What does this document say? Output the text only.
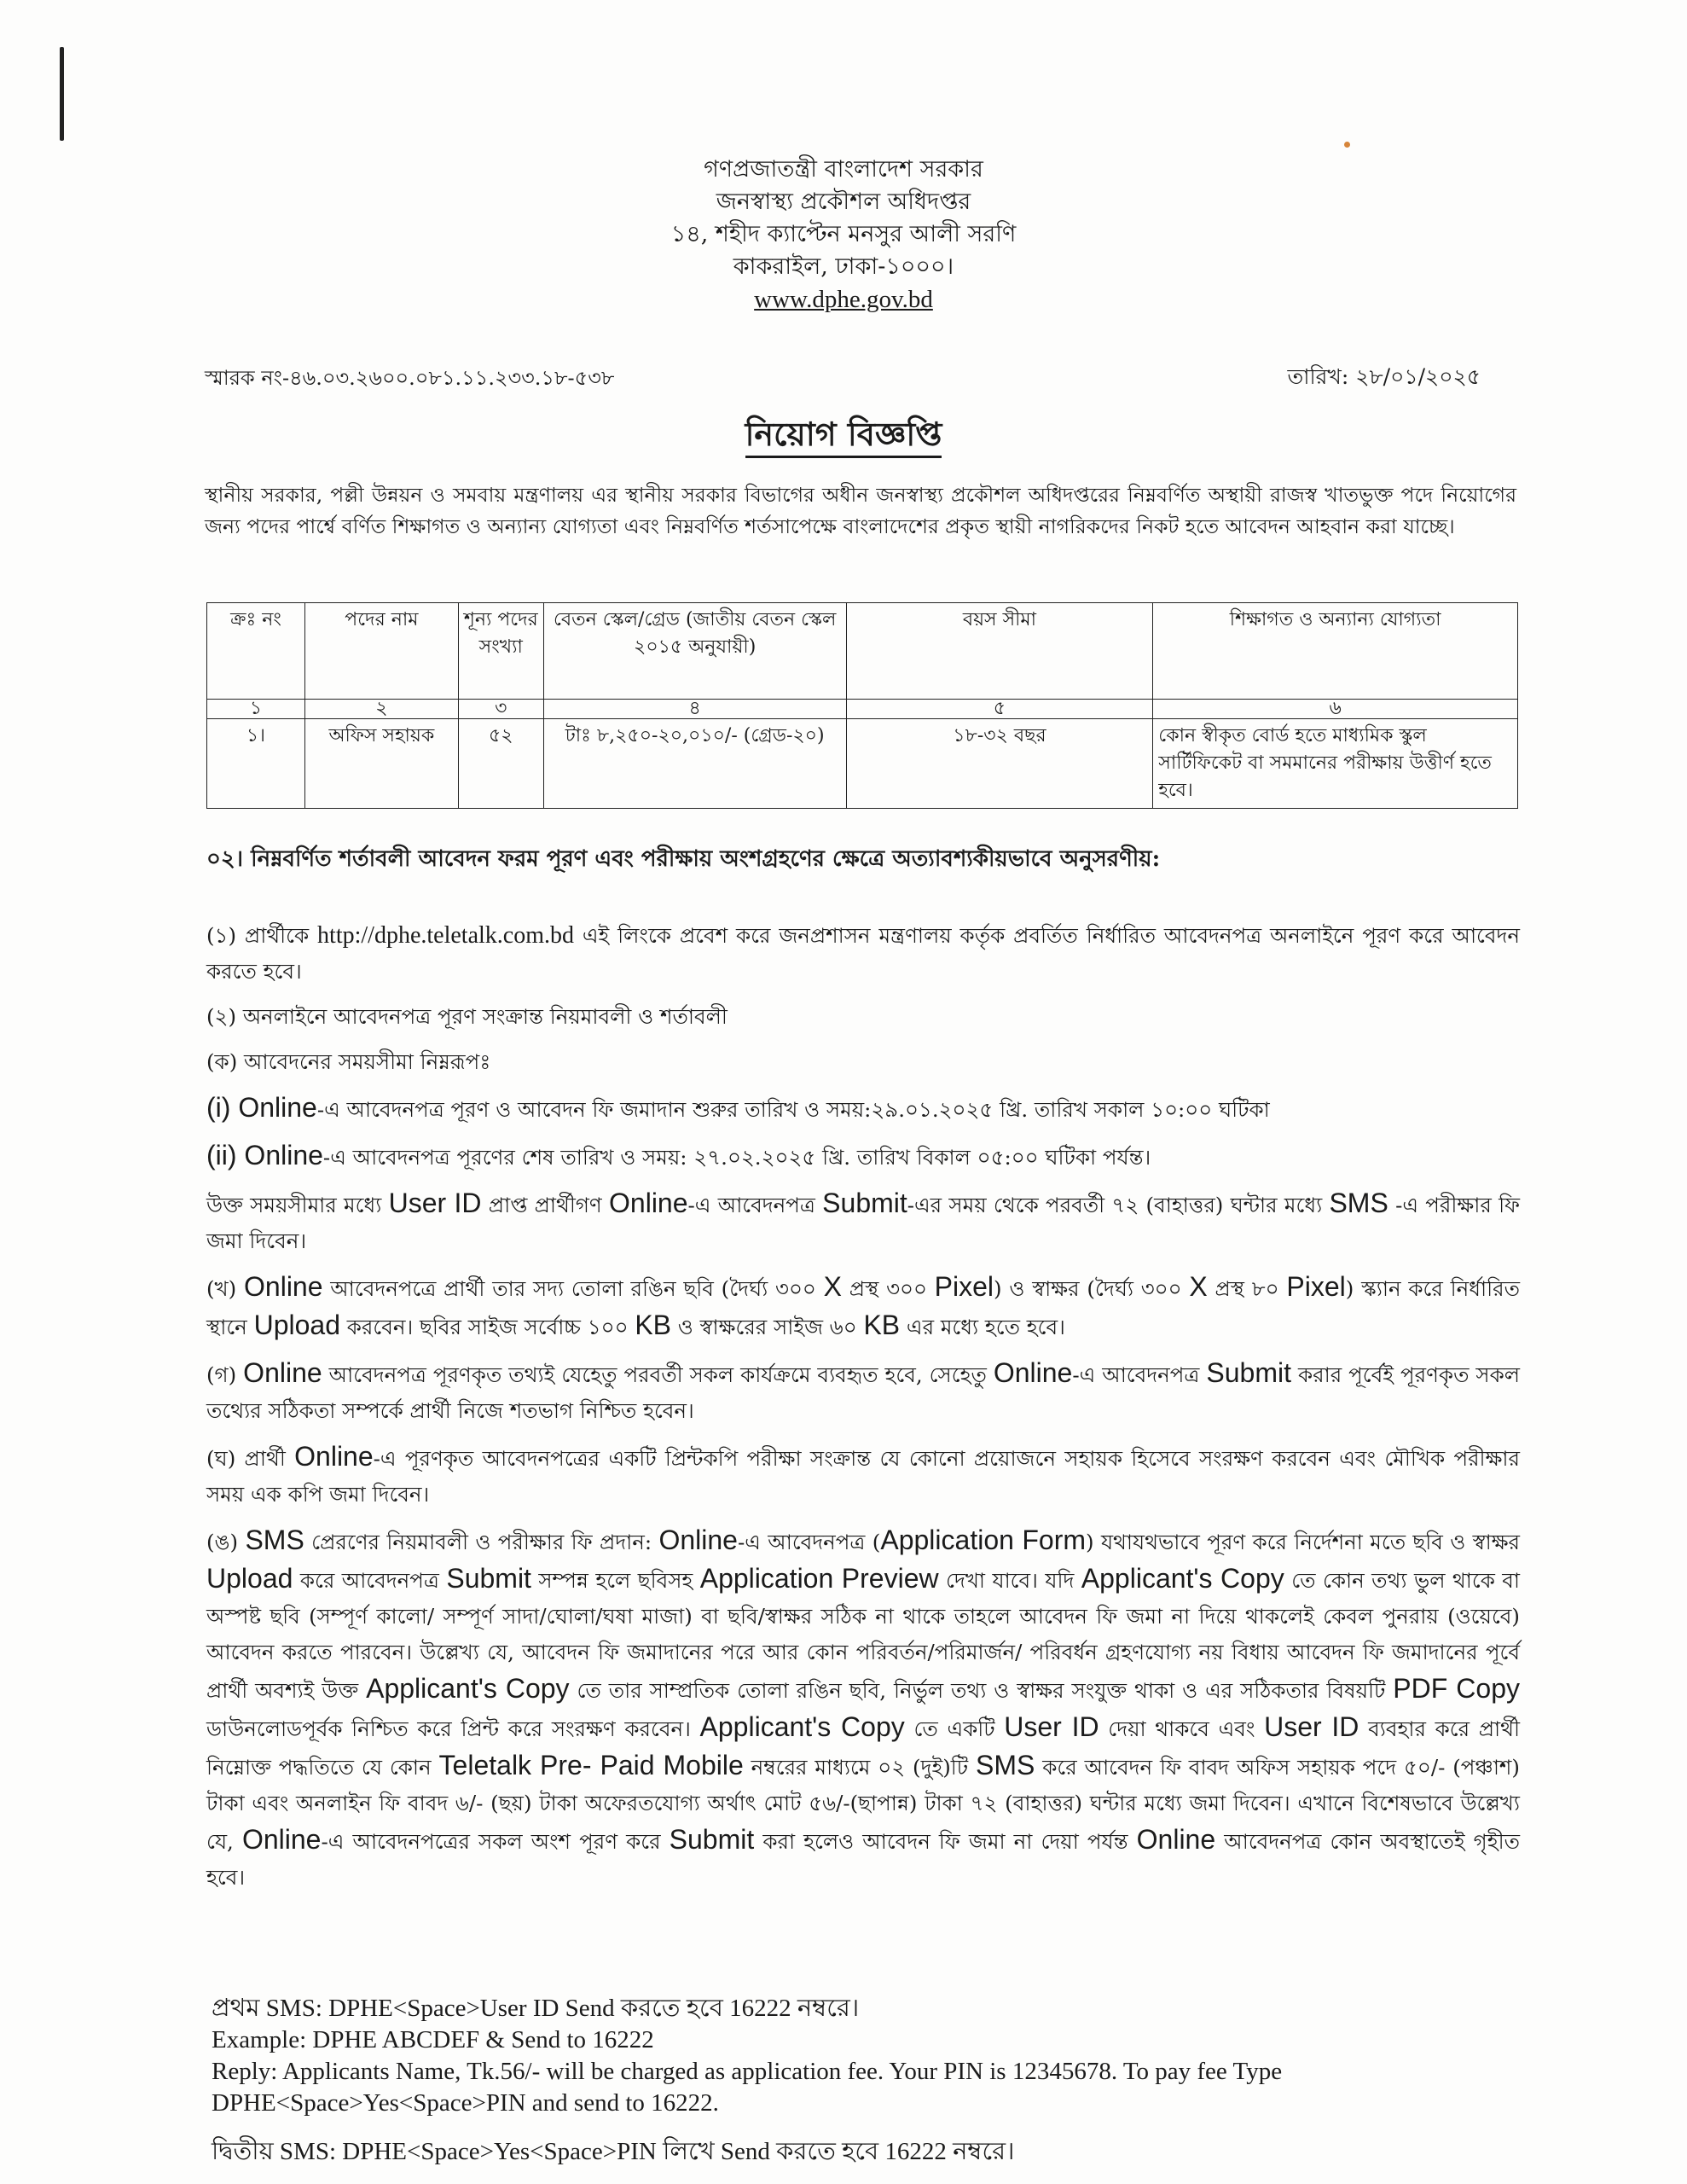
গণপ্রজাতন্ত্রী বাংলাদেশ সরকার
জনস্বাস্থ্য প্রকৌশল অধিদপ্তর
১৪, শহীদ ক্যাপ্টেন মনসুর আলী সরণি
কাকরাইল, ঢাকা-১০০০।
www.dphe.gov.bd
স্মারক নং-৪৬.০৩.২৬০০.০৮১.১১.২৩৩.১৮-৫৩৮	তারিখ: ২৮/০১/২০২৫
নিয়োগ বিজ্ঞপ্তি
স্থানীয় সরকার, পল্লী উন্নয়ন ও সমবায় মন্ত্রণালয় এর স্থানীয় সরকার বিভাগের অধীন জনস্বাস্থ্য প্রকৌশল অধিদপ্তরের নিম্নবর্ণিত অস্থায়ী রাজস্ব খাতভুক্ত পদে নিয়োগের জন্য পদের পার্শ্বে বর্ণিত শিক্ষাগত ও অন্যান্য যোগ্যতা এবং নিম্নবর্ণিত শর্তসাপেক্ষে বাংলাদেশের প্রকৃত স্থায়ী নাগরিকদের নিকট হতে আবেদন আহবান করা যাচ্ছে।
ক্রঃ নং	পদের নাম	শূন্য পদের সংখ্যা	বেতন স্কেল/গ্রেড (জাতীয় বেতন স্কেল ২০১৫ অনুযায়ী)	বয়স সীমা	শিক্ষাগত ও অন্যান্য যোগ্যতা
১	২	৩	৪	৫	৬
১।	অফিস সহায়ক	৫২	টাঃ ৮,২৫০-২০,০১০/- (গ্রেড-২০)	১৮-৩২ বছর	কোন স্বীকৃত বোর্ড হতে মাধ্যমিক স্কুল সার্টিফিকেট বা সমমানের পরীক্ষায় উত্তীর্ণ হতে হবে।
০২। নিম্নবর্ণিত শর্তাবলী আবেদন ফরম পূরণ এবং পরীক্ষায় অংশগ্রহণের ক্ষেত্রে অত্যাবশ্যকীয়ভাবে অনুসরণীয়:

(১) প্রার্থীকে http://dphe.teletalk.com.bd এই লিংকে প্রবেশ করে জনপ্রশাসন মন্ত্রণালয় কর্তৃক প্রবর্তিত নির্ধারিত আবেদনপত্র অনলাইনে পূরণ করে আবেদন করতে হবে।

(২) অনলাইনে আবেদনপত্র পূরণ সংক্রান্ত নিয়মাবলী ও শর্তাবলী

(ক) আবেদনের সময়সীমা নিম্নরূপঃ

(i) Online-এ আবেদনপত্র পূরণ ও আবেদন ফি জমাদান শুরুর তারিখ ও সময়:২৯.০১.২০২৫ খ্রি. তারিখ সকাল ১০:০০ ঘটিকা

(ii) Online-এ আবেদনপত্র পূরণের শেষ তারিখ ও সময়: ২৭.০২.২০২৫ খ্রি. তারিখ বিকাল ০৫:০০ ঘটিকা পর্যন্ত।

উক্ত সময়সীমার মধ্যে User ID প্রাপ্ত প্রার্থীগণ Online-এ আবেদনপত্র Submit-এর সময় থেকে পরবর্তী ৭২ (বাহাত্তর) ঘন্টার মধ্যে SMS -এ পরীক্ষার ফি জমা দিবেন।

(খ) Online আবেদনপত্রে প্রার্থী তার সদ্য তোলা রঙিন ছবি (দৈর্ঘ্য ৩০০ X প্রস্থ ৩০০ Pixel) ও স্বাক্ষর (দৈর্ঘ্য ৩০০ X প্রস্থ ৮০ Pixel) স্ক্যান করে নির্ধারিত স্থানে Upload করবেন। ছবির সাইজ সর্বোচ্চ ১০০ KB ও স্বাক্ষরের সাইজ ৬০ KB এর মধ্যে হতে হবে।

(গ) Online আবেদনপত্র পূরণকৃত তথ্যই যেহেতু পরবর্তী সকল কার্যক্রমে ব্যবহৃত হবে, সেহেতু Online-এ আবেদনপত্র Submit করার পূর্বেই পূরণকৃত সকল তথ্যের সঠিকতা সম্পর্কে প্রার্থী নিজে শতভাগ নিশ্চিত হবেন।

(ঘ) প্রার্থী Online-এ পূরণকৃত আবেদনপত্রের একটি প্রিন্টকপি পরীক্ষা সংক্রান্ত যে কোনো প্রয়োজনে সহায়ক হিসেবে সংরক্ষণ করবেন এবং মৌখিক পরীক্ষার সময় এক কপি জমা দিবেন।

(ঙ) SMS প্রেরণের নিয়মাবলী ও পরীক্ষার ফি প্রদান: Online-এ আবেদনপত্র (Application Form) যথাযথভাবে পূরণ করে নির্দেশনা মতে ছবি ও স্বাক্ষর Upload করে আবেদনপত্র Submit সম্পন্ন হলে ছবিসহ Application Preview দেখা যাবে। যদি Applicant's Copy তে কোন তথ্য ভুল থাকে বা অস্পষ্ট ছবি (সম্পূর্ণ কালো/ সম্পূর্ণ সাদা/ঘোলা/ঘষা মাজা) বা ছবি/স্বাক্ষর সঠিক না থাকে তাহলে আবেদন ফি জমা না দিয়ে থাকলেই কেবল পুনরায় (ওয়েবে) আবেদন করতে পারবেন। উল্লেখ্য যে, আবেদন ফি জমাদানের পরে আর কোন পরিবর্তন/পরিমার্জন/ পরিবর্ধন গ্রহণযোগ্য নয় বিধায় আবেদন ফি জমাদানের পূর্বে প্রার্থী অবশ্যই উক্ত Applicant's Copy তে তার সাম্প্রতিক তোলা রঙিন ছবি, নির্ভুল তথ্য ও স্বাক্ষর সংযুক্ত থাকা ও এর সঠিকতার বিষয়টি PDF Copy ডাউনলোডপূর্বক নিশ্চিত করে প্রিন্ট করে সংরক্ষণ করবেন। Applicant's Copy তে একটি User ID দেয়া থাকবে এবং User ID ব্যবহার করে প্রার্থী নিম্নোক্ত পদ্ধতিতে যে কোন Teletalk Pre- Paid Mobile নম্বরের মাধ্যমে ০২ (দুই)টি SMS করে আবেদন ফি বাবদ অফিস সহায়ক পদে ৫০/- (পঞ্চাশ) টাকা এবং অনলাইন ফি বাবদ ৬/- (ছয়) টাকা অফেরতযোগ্য অর্থাৎ মোট ৫৬/-(ছাপান্ন) টাকা ৭২ (বাহাত্তর) ঘন্টার মধ্যে জমা দিবেন। এখানে বিশেষভাবে উল্লেখ্য যে, Online-এ আবেদনপত্রের সকল অংশ পূরণ করে Submit করা হলেও আবেদন ফি জমা না দেয়া পর্যন্ত Online আবেদনপত্র কোন অবস্থাতেই গৃহীত হবে।

প্রথম SMS: DPHE<Space>User ID Send করতে হবে 16222 নম্বরে।
Example: DPHE ABCDEF & Send to 16222
Reply: Applicants Name, Tk.56/- will be charged as application fee. Your PIN is 12345678. To pay fee Type DPHE<Space>Yes<Space>PIN and send to 16222.
দ্বিতীয় SMS: DPHE<Space>Yes<Space>PIN লিখে Send করতে হবে 16222 নম্বরে।
